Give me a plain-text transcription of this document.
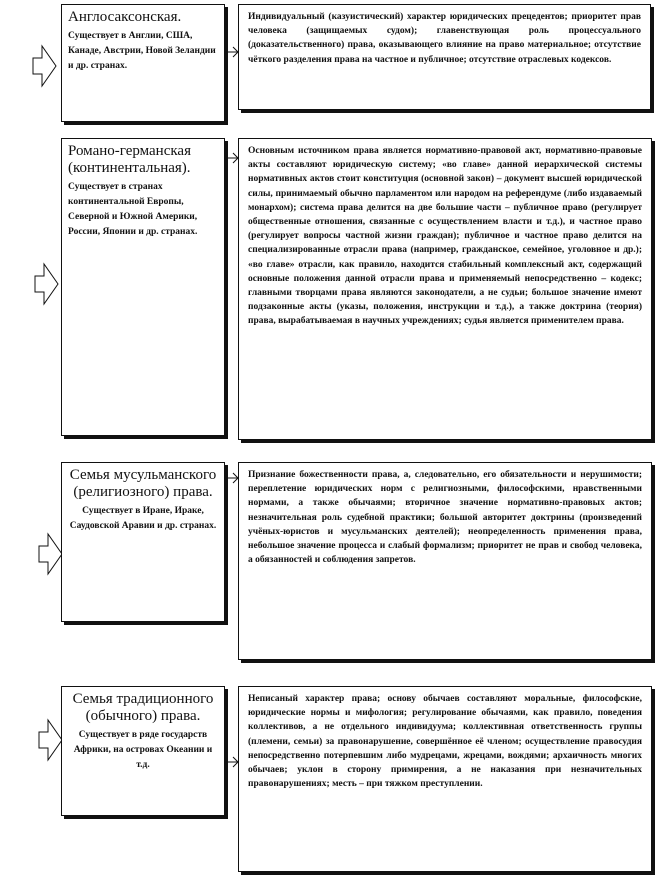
Англосаксонская.
Существует в Англии, США, Канаде, Австрии, Новой Зеландии и др. странах.
Индивидуальный (казуистический) характер юридических прецедентов; приоритет прав человека (защищаемых судом); главенствующая роль процессуального (доказательственного) права, оказывающего влияние на право материальное; отсутствие чёткого разделения права на частное и публичное; отсутствие отраслевых кодексов.
Романо-германская (континентальная).
Существует в странах континентальной Европы, Северной и Южной Америки, России, Японии и др. странах.
Основным источником права является нормативно-правовой акт, нормативно-правовые акты составляют юридическую систему; «во главе» данной иерархической системы нормативных актов стоит конституция (основной закон) – документ высшей юридической силы, принимаемый обычно парламентом или народом на референдуме (либо издаваемый монархом); система права делится на две большие части – публичное право (регулирует общественные отношения, связанные с осуществлением власти и т.д.), и частное право (регулирует вопросы частной жизни граждан); публичное и частное право делится на специализированные отрасли права (например, гражданское, семейное, уголовное и др.); «во главе» отрасли, как правило, находится стабильный комплексный акт, содержащий основные положения данной отрасли права и применяемый непосредственно – кодекс; главными творцами права являются законодатели, а не судьи; большое значение имеют подзаконные акты (указы, положения, инструкции и т.д.), а также доктрина (теория) права, вырабатываемая в научных учреждениях; судья является применителем права.
Семья мусульманского (религиозного) права.
Существует в Иране, Ираке, Саудовской Аравии и др. странах.
Признание божественности права, а, следовательно, его обязательности и нерушимости; переплетение юридических норм с религиозными, философскими, нравственными нормами, а также обычаями; вторичное значение нормативно-правовых актов; незначительная роль судебной практики; большой авторитет доктрины (произведений учёных-юристов и мусульманских деятелей); неопределенность применения права, небольшое значение процесса и слабый формализм; приоритет не прав и свобод человека, а обязанностей и соблюдения запретов.
Семья традиционного (обычного) права.
Существует в ряде государств Африки, на островах Океании и т.д.
Неписаный характер права; основу обычаев составляют моральные, философские, юридические нормы и мифология; регулирование обычаями, как правило, поведения коллективов, а не отдельного индивидуума; коллективная ответственность группы (племени, семьи) за правонарушение, совершённое её членом; осуществление правосудия непосредственно потерпевшим либо мудрецами, жрецами, вождями; архаичность многих обычаев; уклон в сторону примирения, а не наказания при незначительных правонарушениях; месть – при тяжком преступлении.
